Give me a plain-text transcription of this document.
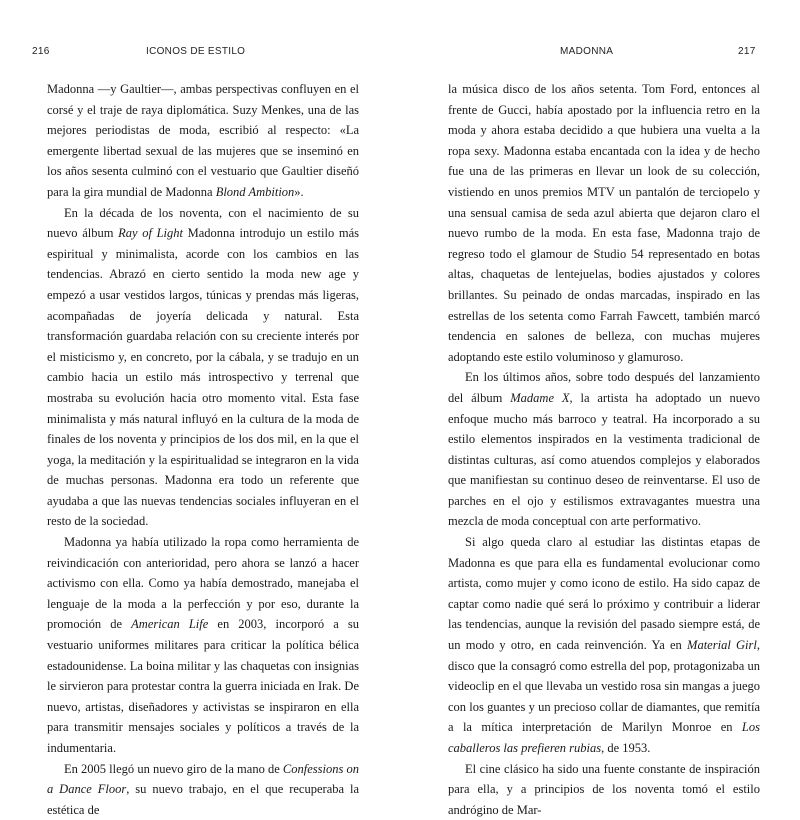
216	ICONOS DE ESTILO

Madonna —y Gaultier—, ambas perspectivas confluyen en el corsé y el traje de raya diplomática. Suzy Menkes, una de las mejores periodistas de moda, escribió al respecto: «La emergente libertad sexual de las mujeres que se inseminó en los años sesenta culminó con el vestuario que Gaultier diseñó para la gira mundial de Madonna Blond Ambition».

En la década de los noventa, con el nacimiento de su nuevo álbum Ray of Light Madonna introdujo un estilo más espiritual y minimalista, acorde con los cambios en las tendencias. Abrazó en cierto sentido la moda new age y empezó a usar vestidos largos, túnicas y prendas más ligeras, acompañadas de joyería delicada y natural. Esta transformación guardaba relación con su creciente interés por el misticismo y, en concreto, por la cábala, y se tradujo en un cambio hacia un estilo más introspectivo y terrenal que mostraba su evolución hacia otro momento vital. Esta fase minimalista y más natural influyó en la cultura de la moda de finales de los noventa y principios de los dos mil, en la que el yoga, la meditación y la espiritualidad se integraron en la vida de muchas personas. Madonna era todo un referente que ayudaba a que las nuevas tendencias sociales influyeran en el resto de la sociedad.

Madonna ya había utilizado la ropa como herramienta de reivindicación con anterioridad, pero ahora se lanzó a hacer activismo con ella. Como ya había demostrado, manejaba el lenguaje de la moda a la perfección y por eso, durante la promoción de American Life en 2003, incorporó a su vestuario uniformes militares para criticar la política bélica estadounidense. La boina militar y las chaquetas con insignias le sirvieron para protestar contra la guerra iniciada en Irak. De nuevo, artistas, diseñadores y activistas se inspiraron en ella para transmitir mensajes sociales y políticos a través de la indumentaria.

En 2005 llegó un nuevo giro de la mano de Confessions on a Dance Floor, su nuevo trabajo, en el que recuperaba la estética de

MADONNA	217

la música disco de los años setenta. Tom Ford, entonces al frente de Gucci, había apostado por la influencia retro en la moda y ahora estaba decidido a que hubiera una vuelta a la ropa sexy. Madonna estaba encantada con la idea y de hecho fue una de las primeras en llevar un look de su colección, vistiendo en unos premios MTV un pantalón de terciopelo y una sensual camisa de seda azul abierta que dejaron claro el nuevo rumbo de la moda. En esta fase, Madonna trajo de regreso todo el glamour de Studio 54 representado en botas altas, chaquetas de lentejuelas, bodies ajustados y colores brillantes. Su peinado de ondas marcadas, inspirado en las estrellas de los setenta como Farrah Fawcett, también marcó tendencia en salones de belleza, con muchas mujeres adoptando este estilo voluminoso y glamuroso.

En los últimos años, sobre todo después del lanzamiento del álbum Madame X, la artista ha adoptado un nuevo enfoque mucho más barroco y teatral. Ha incorporado a su estilo elementos inspirados en la vestimenta tradicional de distintas culturas, así como atuendos complejos y elaborados que manifiestan su continuo deseo de reinventarse. El uso de parches en el ojo y estilismos extravagantes muestra una mezcla de moda conceptual con arte performativo.

Si algo queda claro al estudiar las distintas etapas de Madonna es que para ella es fundamental evolucionar como artista, como mujer y como icono de estilo. Ha sido capaz de captar como nadie qué será lo próximo y contribuir a liderar las tendencias, aunque la revisión del pasado siempre está, de un modo y otro, en cada reinvención. Ya en Material Girl, disco que la consagró como estrella del pop, protagonizaba un videoclip en el que llevaba un vestido rosa sin mangas a juego con los guantes y un precioso collar de diamantes, que remitía a la mítica interpretación de Marilyn Monroe en Los caballeros las prefieren rubias, de 1953.

El cine clásico ha sido una fuente constante de inspiración para ella, y a principios de los noventa tomó el estilo andrógino de Mar-
